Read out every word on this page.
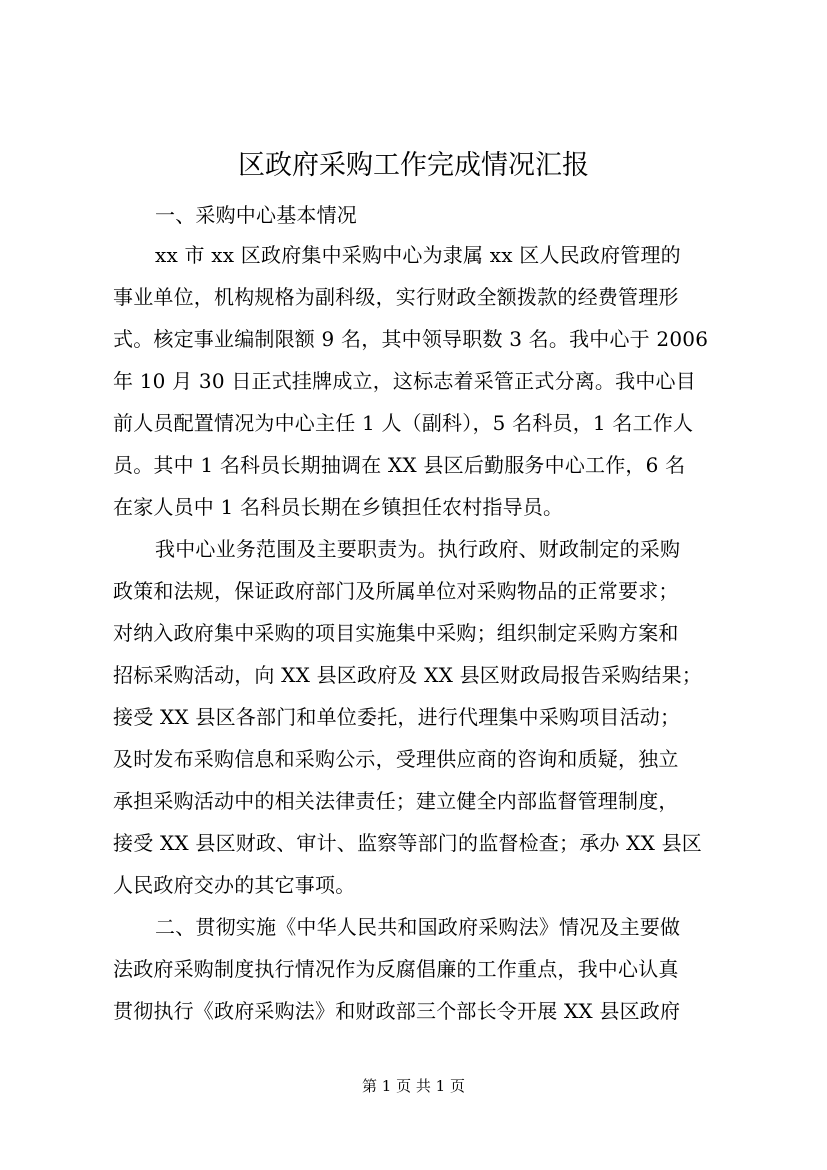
区政府采购工作完成情况汇报
一、采购中心基本情况
xx 市 xx 区政府集中采购中心为隶属 xx 区人民政府管理的
事业单位，机构规格为副科级，实行财政全额拨款的经费管理形
式。核定事业编制限额 9 名，其中领导职数 3 名。我中心于 2006
年 10 月 30 日正式挂牌成立，这标志着采管正式分离。我中心目
前人员配置情况为中心主任 1 人（副科），5 名科员，1 名工作人
员。其中 1 名科员长期抽调在 XX 县区后勤服务中心工作，6 名
在家人员中 1 名科员长期在乡镇担任农村指导员。
我中心业务范围及主要职责为。执行政府、财政制定的采购
政策和法规，保证政府部门及所属单位对采购物品的正常要求；
对纳入政府集中采购的项目实施集中采购；组织制定采购方案和
招标采购活动，向 XX 县区政府及 XX 县区财政局报告采购结果；
接受 XX 县区各部门和单位委托，进行代理集中采购项目活动；
及时发布采购信息和采购公示，受理供应商的咨询和质疑，独立
承担采购活动中的相关法律责任；建立健全内部监督管理制度，
接受 XX 县区财政、审计、监察等部门的监督检查；承办 XX 县区
人民政府交办的其它事项。
二、贯彻实施《中华人民共和国政府采购法》情况及主要做
法政府采购制度执行情况作为反腐倡廉的工作重点，我中心认真
贯彻执行《政府采购法》和财政部三个部长令开展 XX 县区政府
第 1 页 共 1 页
